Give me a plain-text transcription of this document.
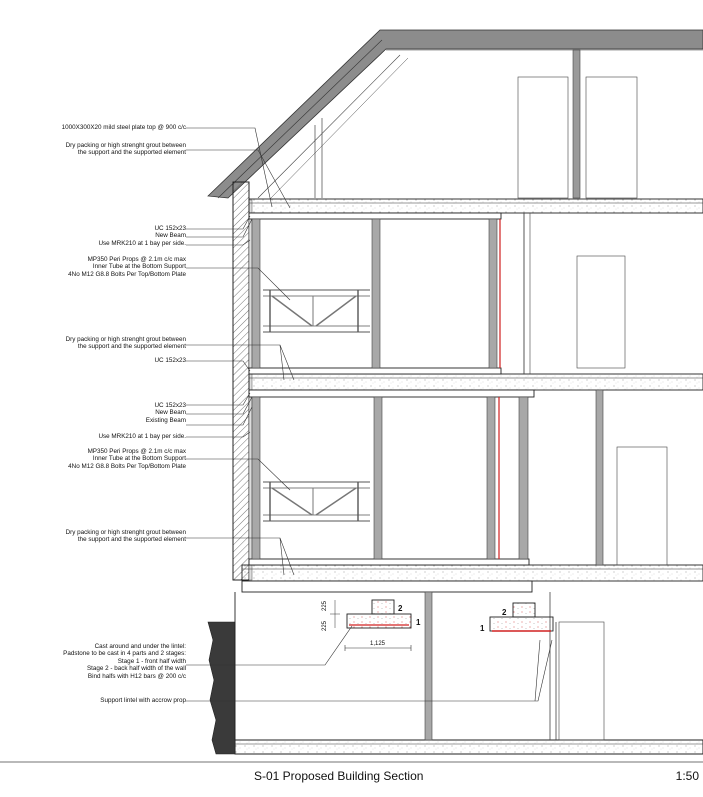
225
225
1,125
2
1
2
1
1000X300X20 mild steel plate top @ 900 c/c
Dry packing or high strenght grout between
the support and the supported element
UC 152x23
New Beam
Use MRK210 at 1 bay per side.
MP350 Peri Props @ 2.1m c/c max
Inner Tube at the Bottom Support
4No M12 G8.8 Bolts Per Top/Bottom Plate
Dry packing or high strenght grout between
the support and the supported element
UC 152x23
UC 152x23
New Beam
Existing Beam
Use MRK210 at 1 bay per side.
MP350 Peri Props @ 2.1m c/c max
Inner Tube at the Bottom Support
4No M12 G8.8 Bolts Per Top/Bottom Plate
Dry packing or high strenght grout between
the support and the supported element
Cast around and under the lintel:
Padstone to be cast in 4 parts and 2 stages:
Stage 1 - front half width
Stage 2 - back half width of the wall
Bind halfs with H12 bars @ 200 c/c
Support lintel with accrow prop
S-01 Proposed Building Section	1:50
